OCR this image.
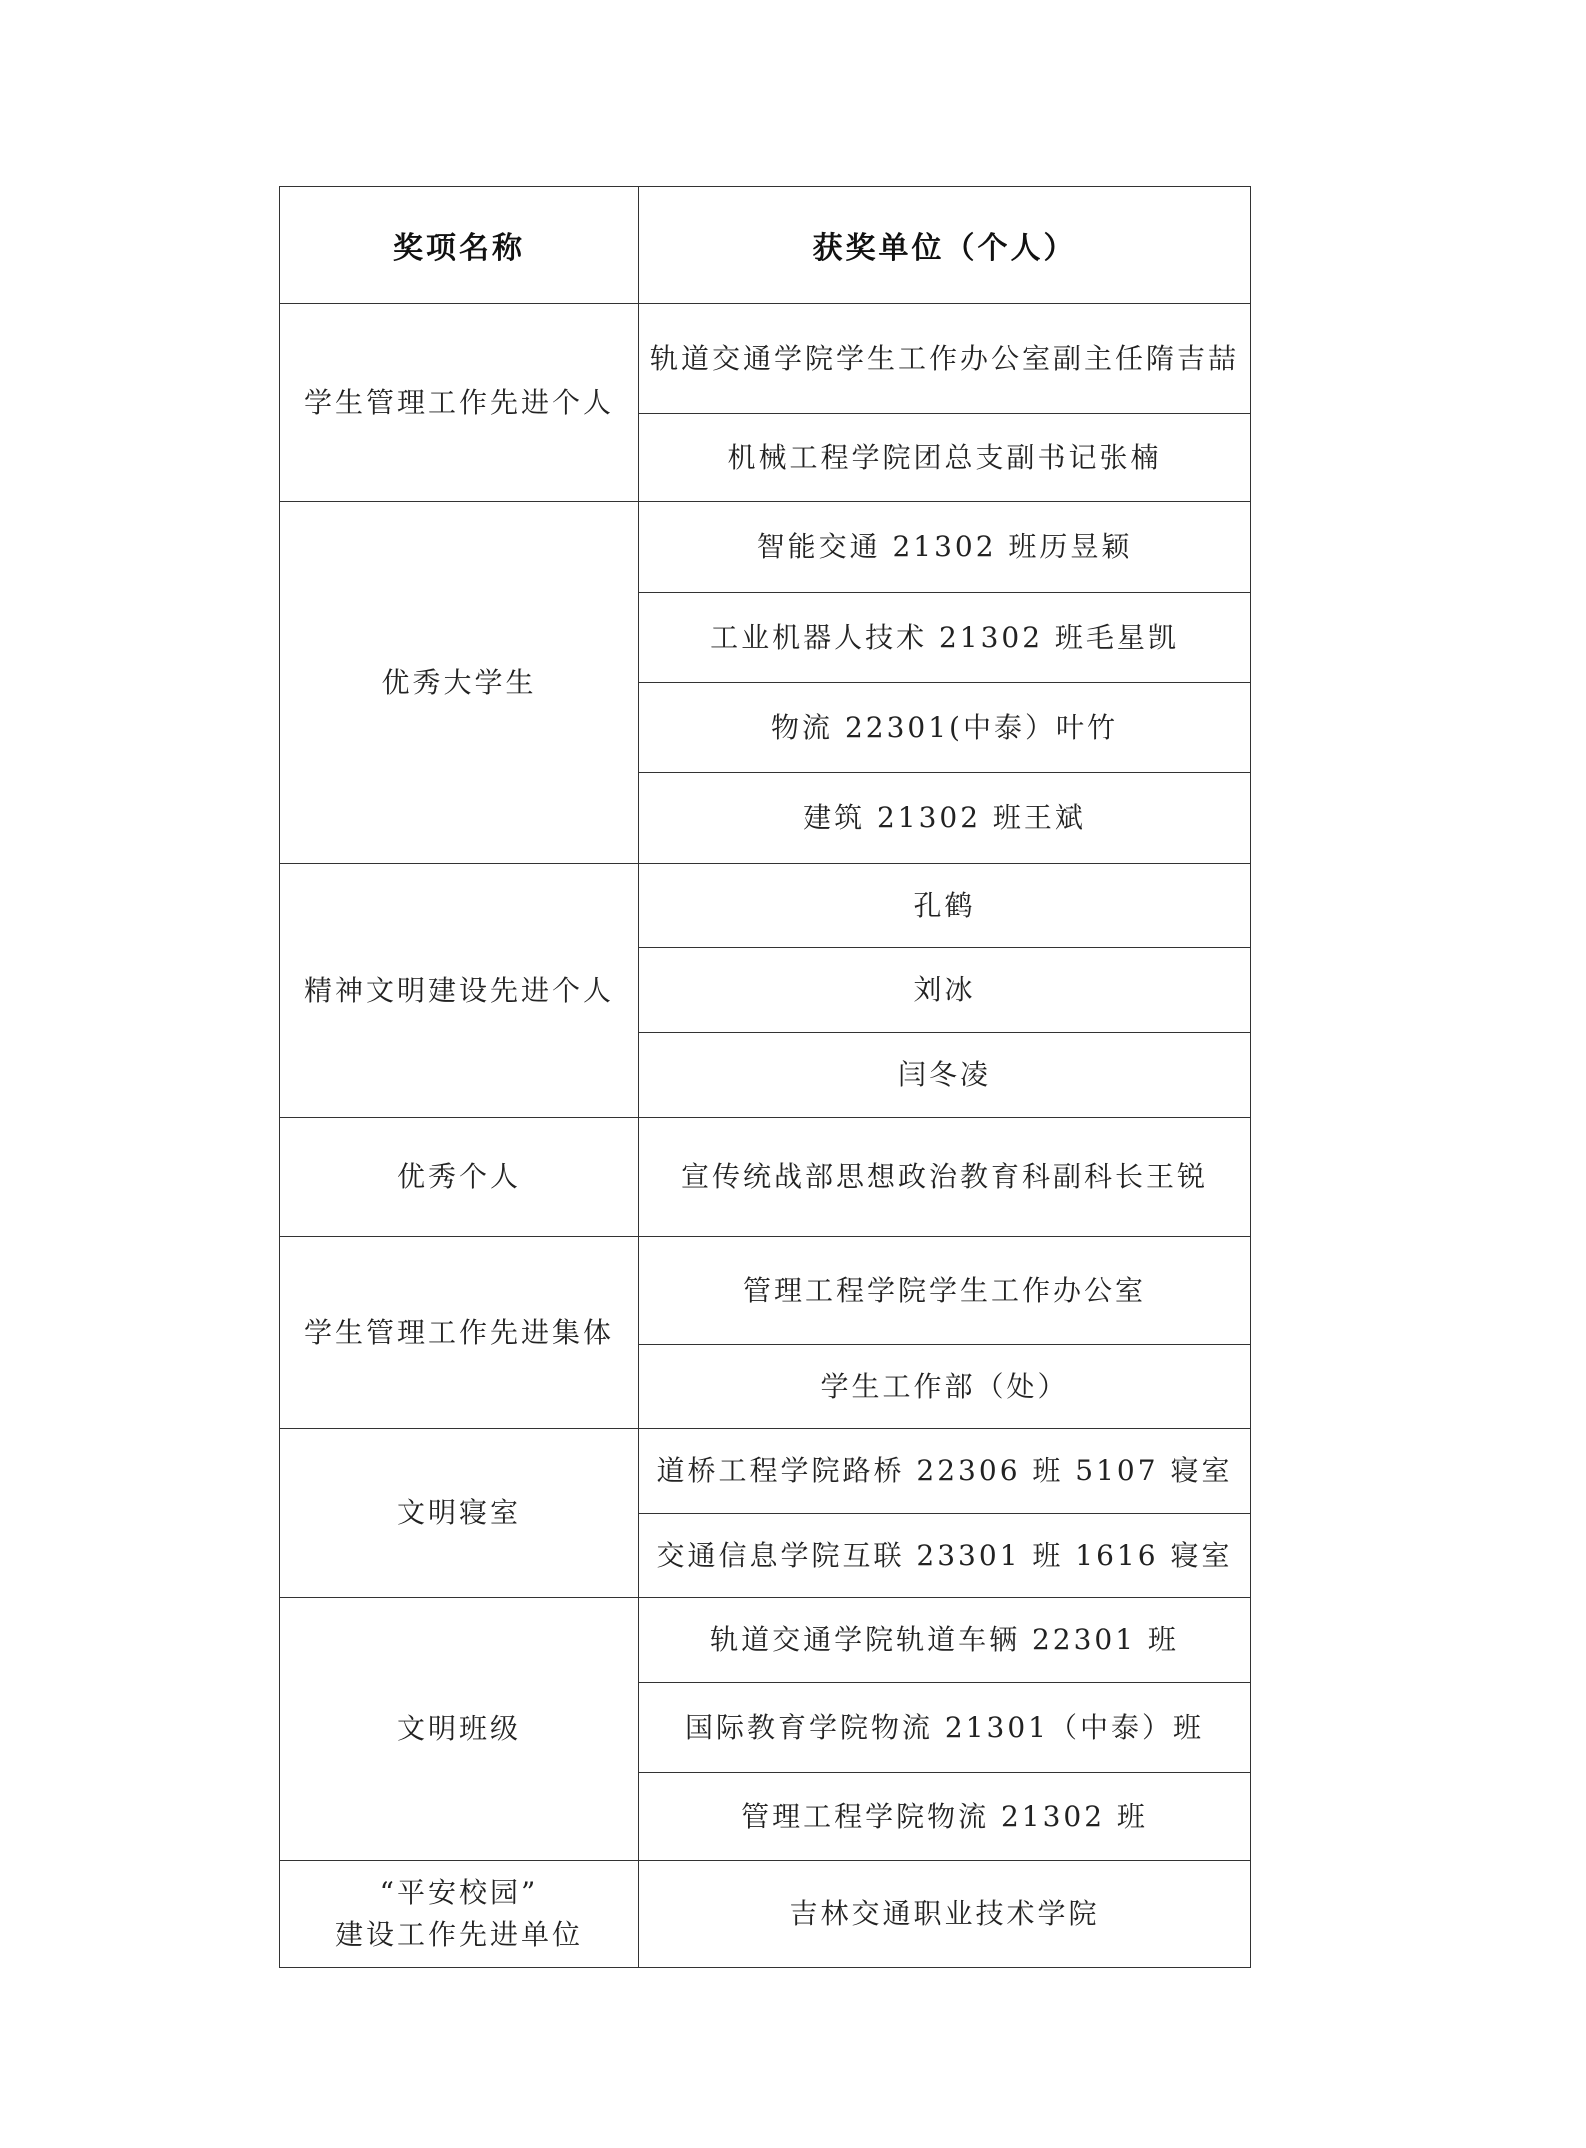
奖项名称	获奖单位（个人）

学生管理工作先进个人	轨道交通学院学生工作办公室副主任隋吉喆
	机械工程学院团总支副书记张楠

优秀大学生	智能交通 21302 班历昱颖
	工业机器人技术 21302 班毛星凯
	物流 22301(中泰）叶竹
	建筑 21302 班王斌

精神文明建设先进个人	孔鹤
	刘冰
	闫冬凌

优秀个人	宣传统战部思想政治教育科副科长王锐

学生管理工作先进集体	管理工程学院学生工作办公室
	学生工作部（处）

文明寝室	道桥工程学院路桥 22306 班 5107 寝室
	交通信息学院互联 23301 班 1616 寝室

文明班级	轨道交通学院轨道车辆 22301 班
	国际教育学院物流 21301（中泰）班
	管理工程学院物流 21302 班

“平安校园”
建设工作先进单位	吉林交通职业技术学院
